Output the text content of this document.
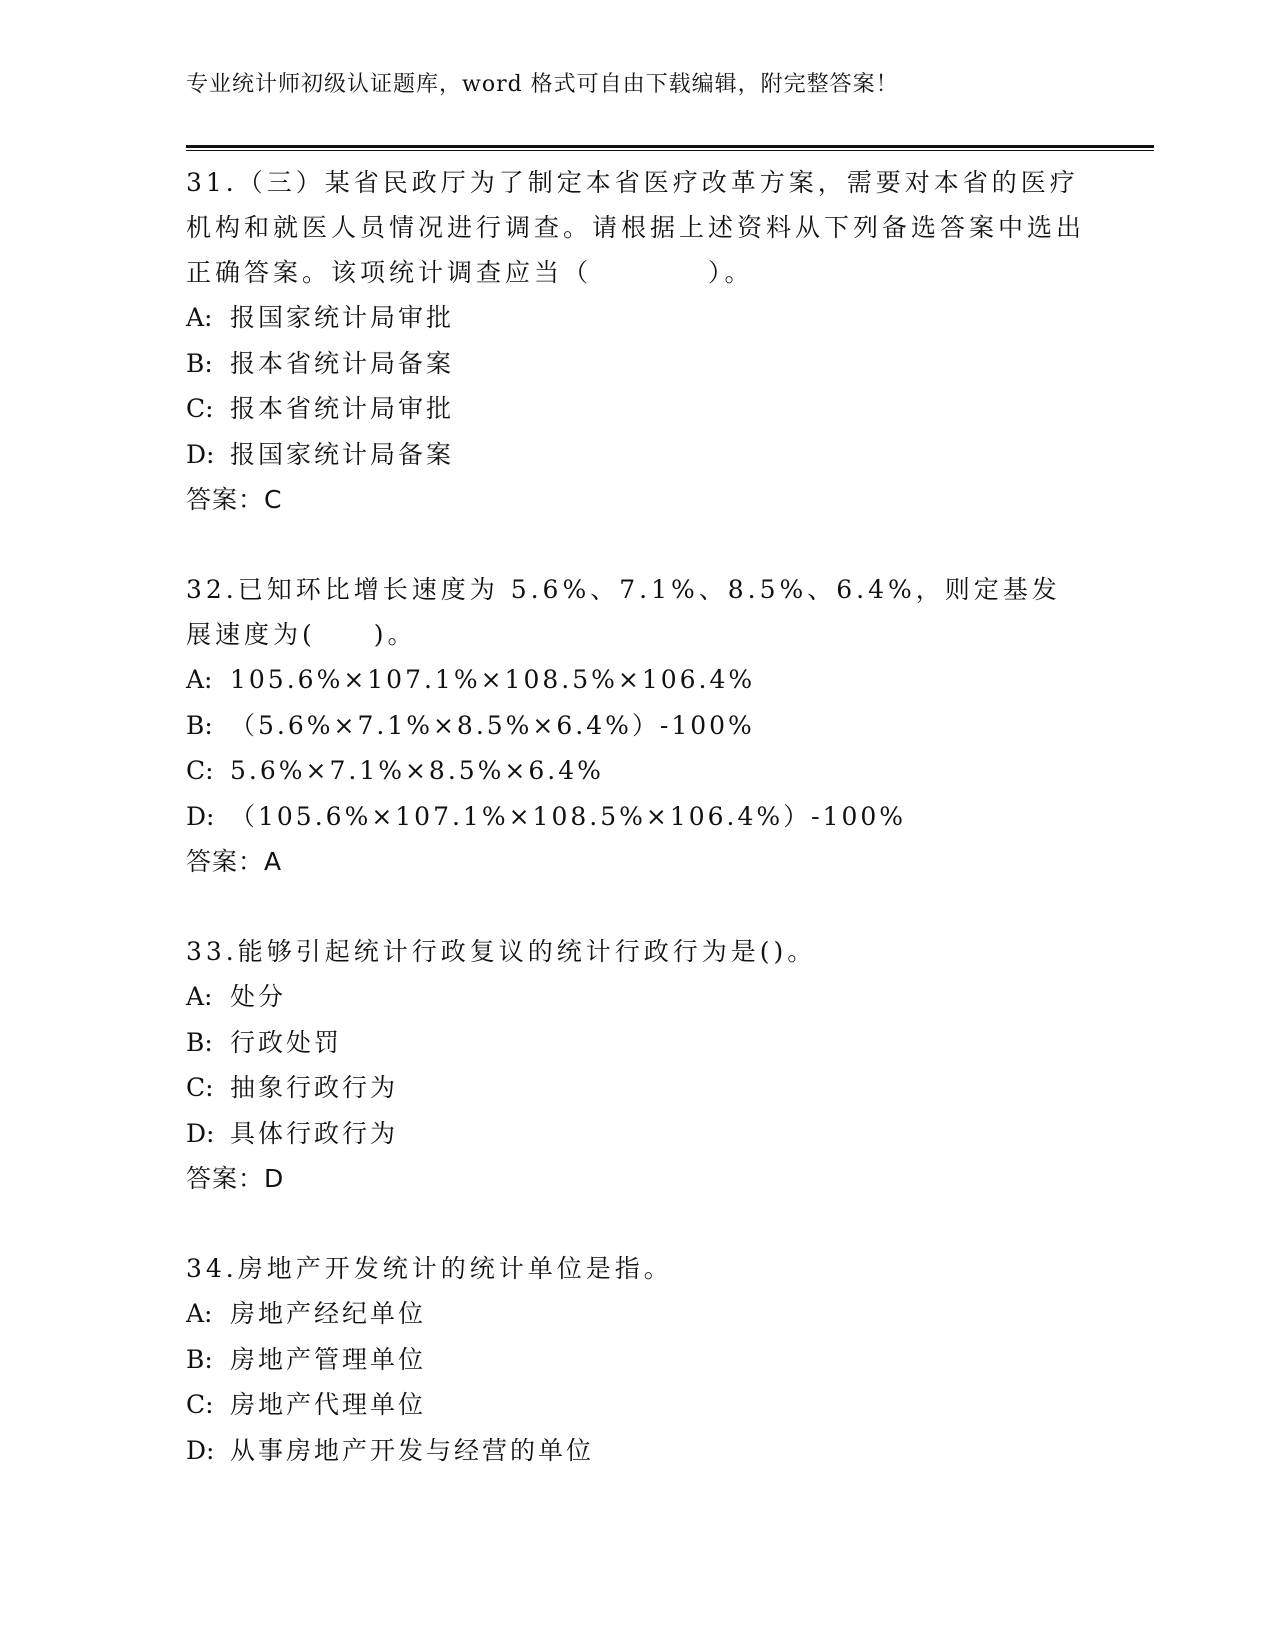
专业统计师初级认证题库，word 格式可自由下载编辑，附完整答案！

31.（三）某省民政厅为了制定本省医疗改革方案，需要对本省的医疗机构和就医人员情况进行调查。请根据上述资料从下列备选答案中选出正确答案。该项统计调查应当（　　　　）。

A: 报国家统计局审批
B: 报本省统计局备案
C: 报本省统计局审批
D: 报国家统计局备案

答案：C

32.已知环比增长速度为 5.6%、7.1%、8.5%、6.4%，则定基发展速度为(　　)。

A: 105.6%×107.1%×108.5%×106.4%
B: （5.6%×7.1%×8.5%×6.4%）-100%
C: 5.6%×7.1%×8.5%×6.4%
D: （105.6%×107.1%×108.5%×106.4%）-100%

答案：A

33.能够引起统计行政复议的统计行政行为是()。

A: 处分
B: 行政处罚
C: 抽象行政行为
D: 具体行政行为

答案：D

34.房地产开发统计的统计单位是指。

A: 房地产经纪单位
B: 房地产管理单位
C: 房地产代理单位
D: 从事房地产开发与经营的单位
